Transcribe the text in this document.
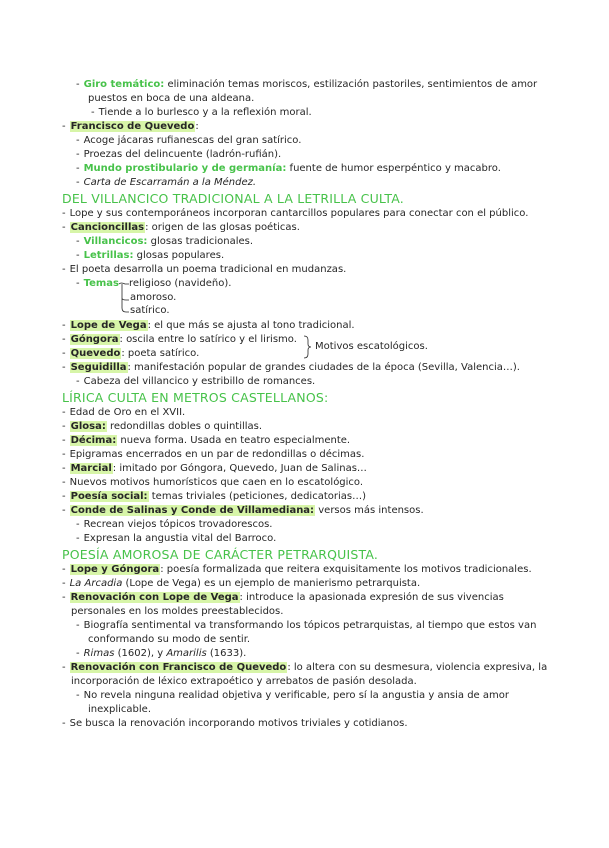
- Giro temático: eliminación temas moriscos, estilización pastoriles, sentimientos de amor
puestos en boca de una aldeana.
- Tiende a lo burlesco y a la reflexión moral.
- Francisco de Quevedo:
- Acoge jácaras rufianescas del gran satírico.
- Proezas del delincuente (ladrón-rufián).
- Mundo prostibulario y de germanía: fuente de humor esperpéntico y macabro.
- Carta de Escarramán a la Méndez.
DEL VILLANCICO TRADICIONAL A LA LETRILLA CULTA.
- Lope y sus contemporáneos incorporan cantarcillos populares para conectar con el público.
- Cancioncillas: origen de las glosas poéticas.
- Villancicos: glosas tradicionales.
- Letrillas: glosas populares.
- El poeta desarrolla un poema tradicional en mudanzas.
- Temas religioso (navideño).
amoroso.
satírico.
- Lope de Vega: el que más se ajusta al tono tradicional.
- Góngora: oscila entre lo satírico y el lirismo.
- Quevedo: poeta satírico.
Motivos escatológicos.
- Seguidilla: manifestación popular de grandes ciudades de la época (Sevilla, Valencia…).
- Cabeza del villancico y estribillo de romances.
LÍRICA CULTA EN METROS CASTELLANOS:
- Edad de Oro en el XVII.
- Glosa: redondillas dobles o quintillas.
- Décima: nueva forma. Usada en teatro especialmente.
- Epigramas encerrados en un par de redondillas o décimas.
- Marcial: imitado por Góngora, Quevedo, Juan de Salinas…
- Nuevos motivos humorísticos que caen en lo escatológico.
- Poesía social: temas triviales (peticiones, dedicatorias…)
- Conde de Salinas y Conde de Villamediana: versos más intensos.
- Recrean viejos tópicos trovadorescos.
- Expresan la angustia vital del Barroco.
POESÍA AMOROSA DE CARÁCTER PETRARQUISTA.
- Lope y Góngora: poesía formalizada que reitera exquisitamente los motivos tradicionales.
- La Arcadia (Lope de Vega) es un ejemplo de manierismo petrarquista.
- Renovación con Lope de Vega: introduce la apasionada expresión de sus vivencias
personales en los moldes preestablecidos.
- Biografía sentimental va transformando los tópicos petrarquistas, al tiempo que estos van
conformando su modo de sentir.
- Rimas (1602), y Amarilis (1633).
- Renovación con Francisco de Quevedo: lo altera con su desmesura, violencia expresiva, la
incorporación de léxico extrapoético y arrebatos de pasión desolada.
- No revela ninguna realidad objetiva y verificable, pero sí la angustia y ansia de amor
inexplicable.
- Se busca la renovación incorporando motivos triviales y cotidianos.
